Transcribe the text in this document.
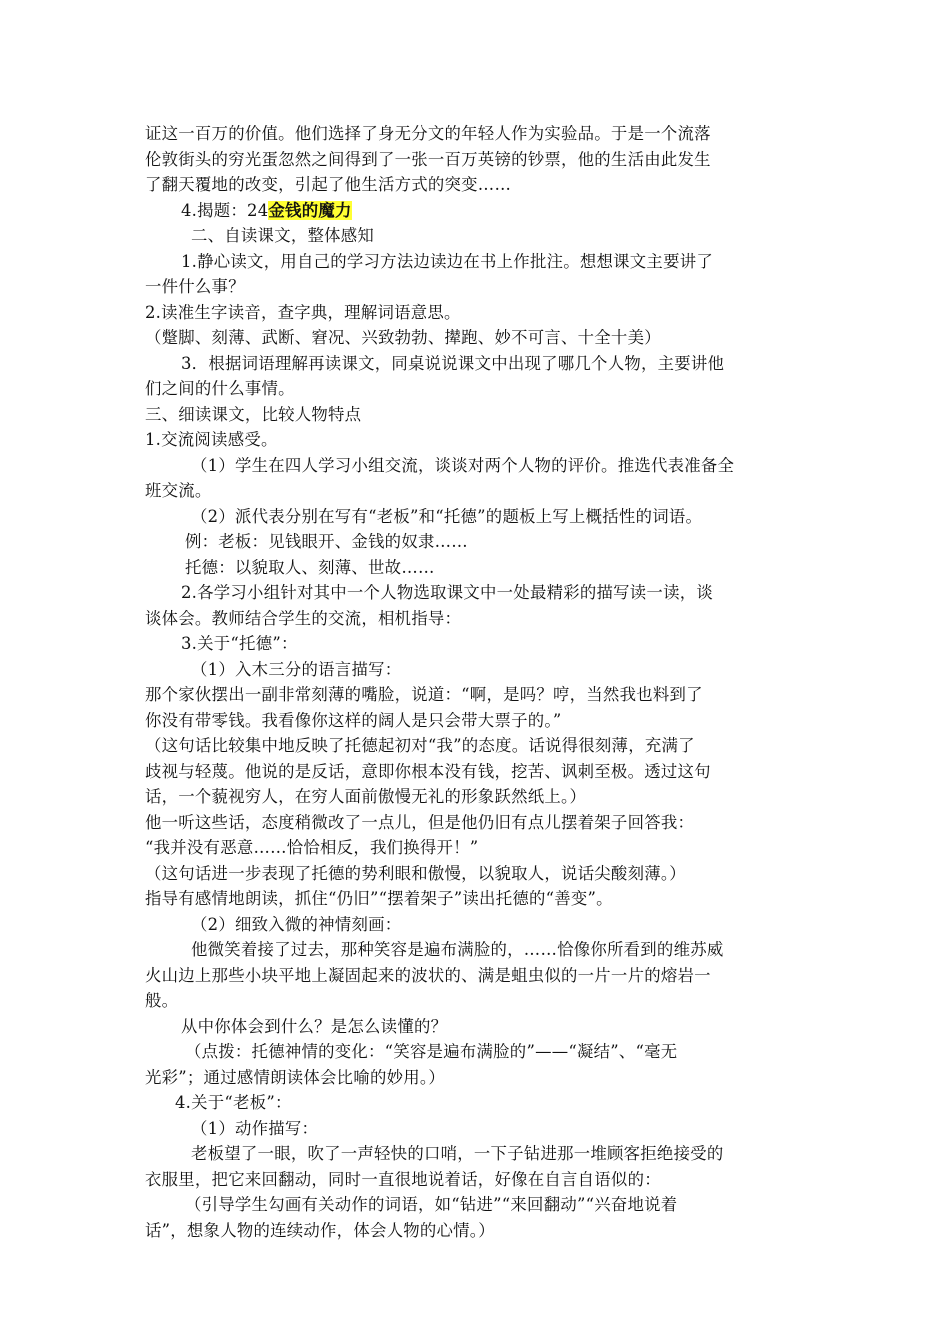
证这一百万的价值。他们选择了身无分文的年轻人作为实验品。于是一个流落
伦敦街头的穷光蛋忽然之间得到了一张一百万英镑的钞票，他的生活由此发生
了翻天覆地的改变，引起了他生活方式的突变……
4.揭题：24金钱的魔力
二、自读课文，整体感知
1.静心读文，用自己的学习方法边读边在书上作批注。想想课文主要讲了
一件什么事？
2.读准生字读音，查字典，理解词语意思。
（蹩脚、刻薄、武断、窘况、兴致勃勃、撵跑、妙不可言、十全十美）
3．根据词语理解再读课文，同桌说说课文中出现了哪几个人物，主要讲他
们之间的什么事情。
三、细读课文，比较人物特点
1.交流阅读感受。
（1）学生在四人学习小组交流，谈谈对两个人物的评价。推选代表准备全
班交流。
（2）派代表分别在写有“老板”和“托德”的题板上写上概括性的词语。
例：老板：见钱眼开、金钱的奴隶……
托德：以貌取人、刻薄、世故……
2.各学习小组针对其中一个人物选取课文中一处最精彩的描写读一读，谈
谈体会。教师结合学生的交流，相机指导：
3.关于“托德”：
（1）入木三分的语言描写：
那个家伙摆出一副非常刻薄的嘴脸，说道：“啊，是吗？哼，当然我也料到了
你没有带零钱。我看像你这样的阔人是只会带大票子的。”
（这句话比较集中地反映了托德起初对“我”的态度。话说得很刻薄，充满了
歧视与轻蔑。他说的是反话，意即你根本没有钱，挖苦、讽刺至极。透过这句
话，一个藐视穷人，在穷人面前傲慢无礼的形象跃然纸上。）
他一听这些话，态度稍微改了一点儿，但是他仍旧有点儿摆着架子回答我：
“我并没有恶意……恰恰相反，我们换得开！”
（这句话进一步表现了托德的势利眼和傲慢，以貌取人，说话尖酸刻薄。）
指导有感情地朗读，抓住“仍旧”“摆着架子”读出托德的“善变”。
（2）细致入微的神情刻画：
他微笑着接了过去，那种笑容是遍布满脸的，……恰像你所看到的维苏威
火山边上那些小块平地上凝固起来的波状的、满是蛆虫似的一片一片的熔岩一
般。
从中你体会到什么？是怎么读懂的？
（点拨：托德神情的变化：“笑容是遍布满脸的”——“凝结”、“毫无
光彩”；通过感情朗读体会比喻的妙用。）
4.关于“老板”：
（1）动作描写：
老板望了一眼，吹了一声轻快的口哨，一下子钻进那一堆顾客拒绝接受的
衣服里，把它来回翻动，同时一直很地说着话，好像在自言自语似的：
（引导学生勾画有关动作的词语，如“钻进”“来回翻动”“兴奋地说着
话”，想象人物的连续动作，体会人物的心情。）
